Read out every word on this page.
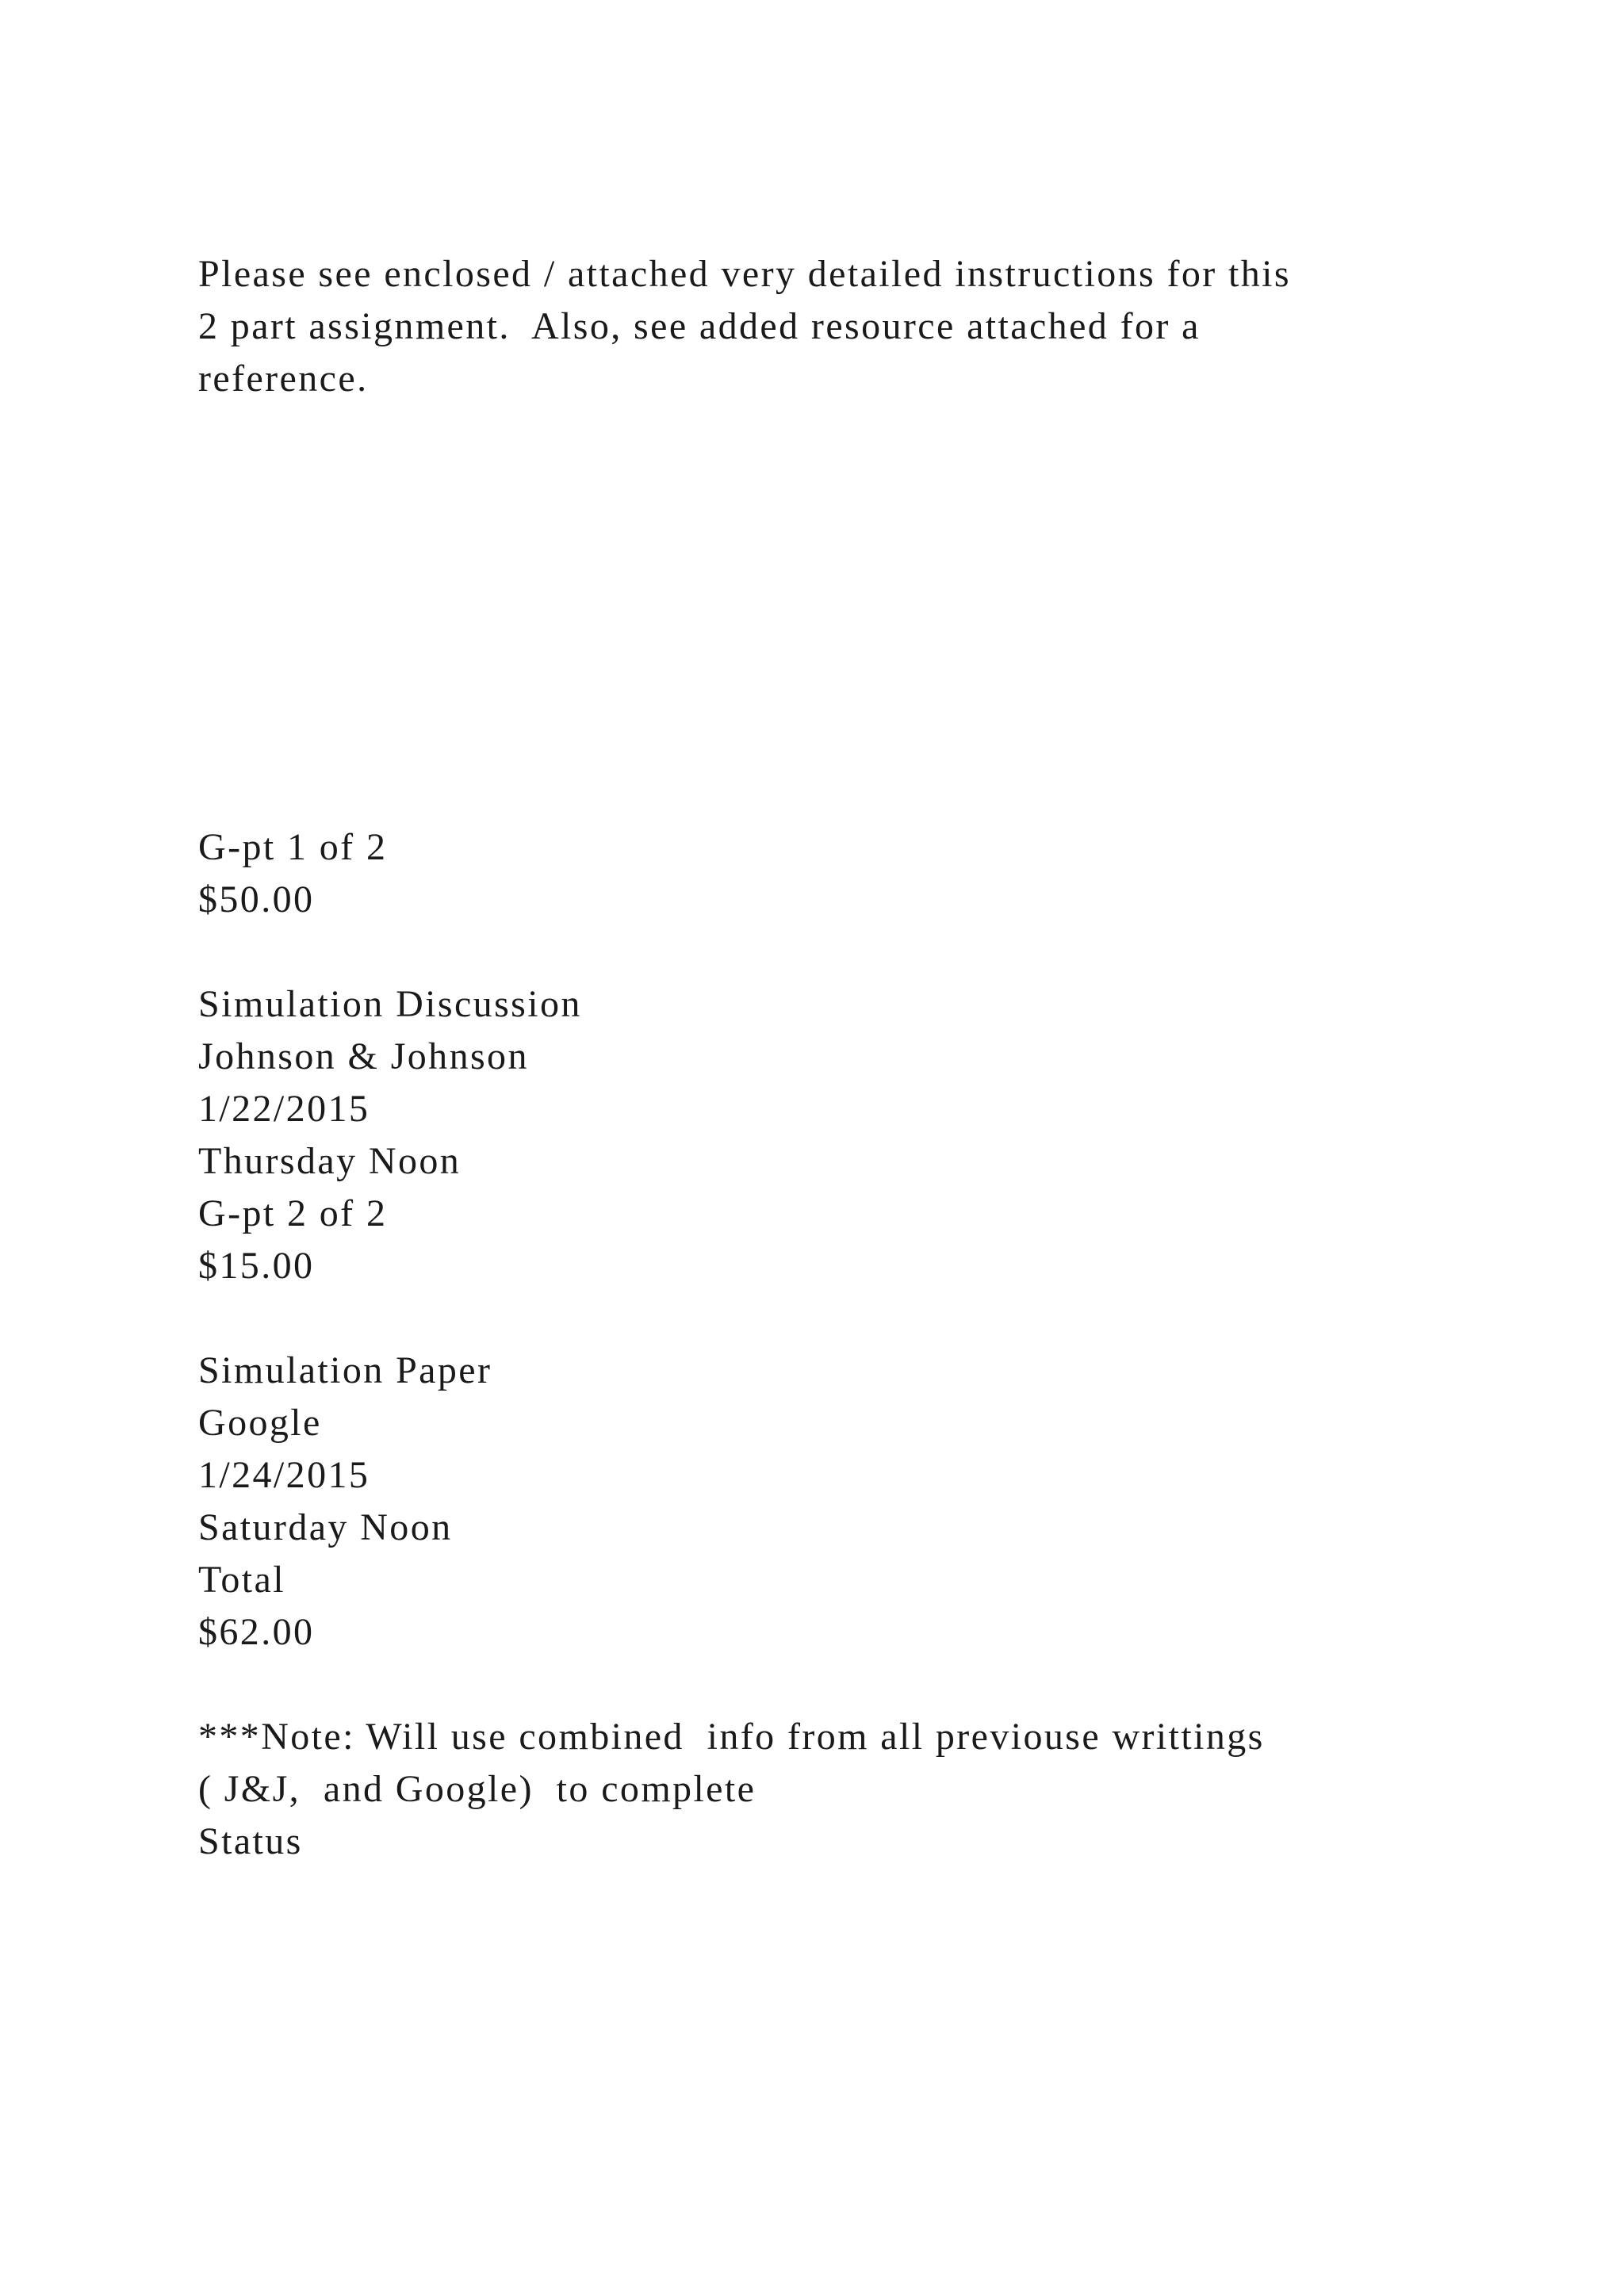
Please see enclosed / attached very detailed instructions for this
2 part assignment.  Also, see added resource attached for a
reference.
G-pt 1 of 2
$50.00
Simulation Discussion
Johnson & Johnson
1/22/2015
Thursday Noon
G-pt 2 of 2
$15.00
Simulation Paper
Google
1/24/2015
Saturday Noon
Total
$62.00
***Note: Will use combined  info from all previouse writtings
( J&J,  and Google)  to complete
Status
